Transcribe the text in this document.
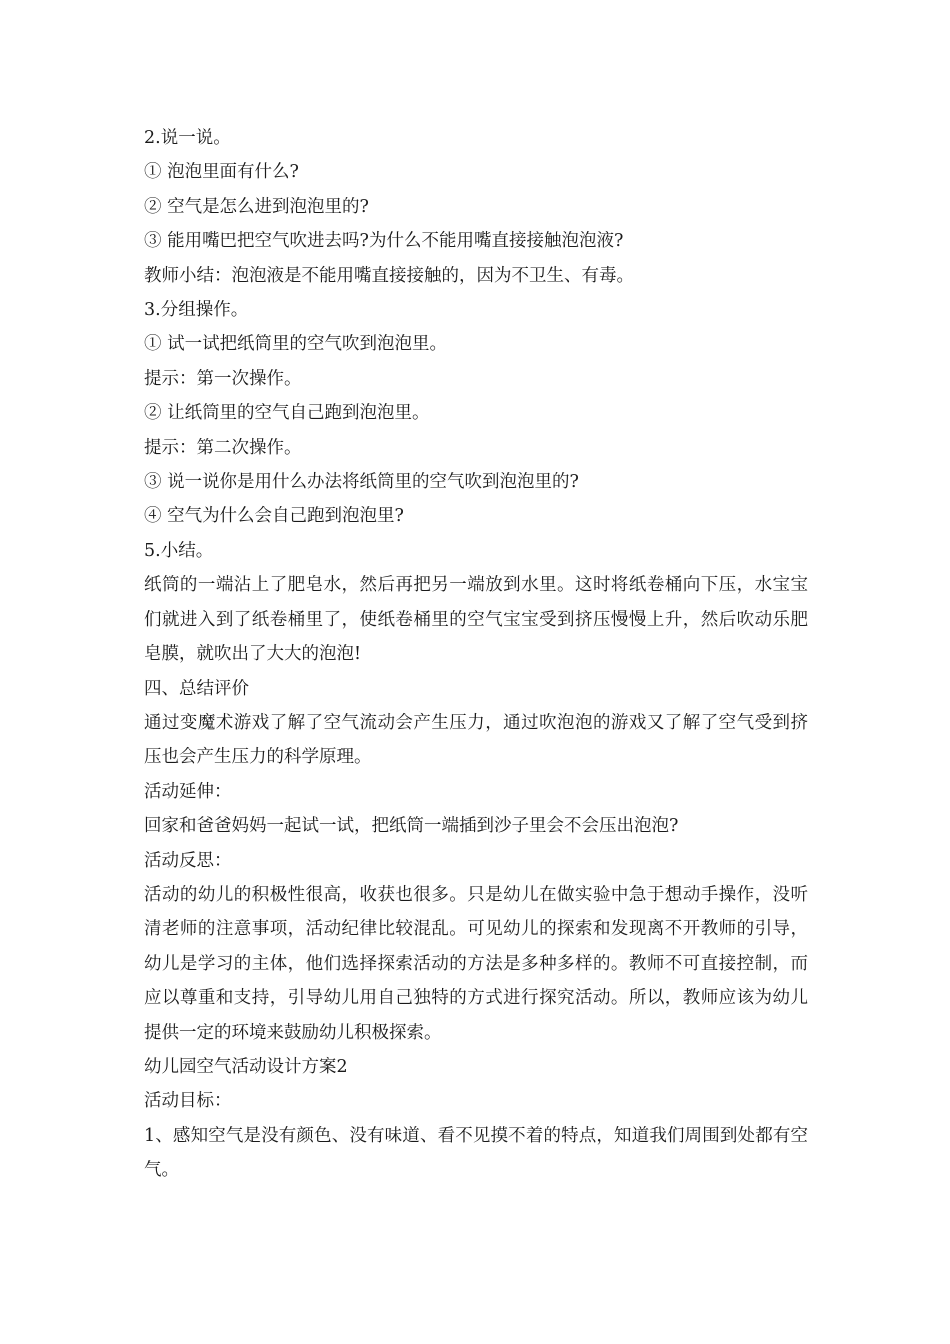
2.说一说。

① 泡泡里面有什么?

② 空气是怎么进到泡泡里的?

③ 能用嘴巴把空气吹进去吗?为什么不能用嘴直接接触泡泡液?

教师小结：泡泡液是不能用嘴直接接触的，因为不卫生、有毒。

3.分组操作。

① 试一试把纸筒里的空气吹到泡泡里。

提示：第一次操作。

② 让纸筒里的空气自己跑到泡泡里。

提示：第二次操作。

③ 说一说你是用什么办法将纸筒里的空气吹到泡泡里的?

④ 空气为什么会自己跑到泡泡里?

5.小结。

纸筒的一端沾上了肥皂水，然后再把另一端放到水里。这时将纸卷桶向下压，水宝宝们就进入到了纸卷桶里了，使纸卷桶里的空气宝宝受到挤压慢慢上升，然后吹动乐肥皂膜，就吹出了大大的泡泡!

四、总结评价

通过变魔术游戏了解了空气流动会产生压力，通过吹泡泡的游戏又了解了空气受到挤压也会产生压力的科学原理。

活动延伸：

回家和爸爸妈妈一起试一试，把纸筒一端插到沙子里会不会压出泡泡?

活动反思：

活动的幼儿的积极性很高，收获也很多。只是幼儿在做实验中急于想动手操作，没听清老师的注意事项，活动纪律比较混乱。可见幼儿的探索和发现离不开教师的引导，幼儿是学习的主体，他们选择探索活动的方法是多种多样的。教师不可直接控制，而应以尊重和支持，引导幼儿用自己独特的方式进行探究活动。所以，教师应该为幼儿提供一定的环境来鼓励幼儿积极探索。

幼儿园空气活动设计方案2

活动目标：

1、感知空气是没有颜色、没有味道、看不见摸不着的特点，知道我们周围到处都有空气。
